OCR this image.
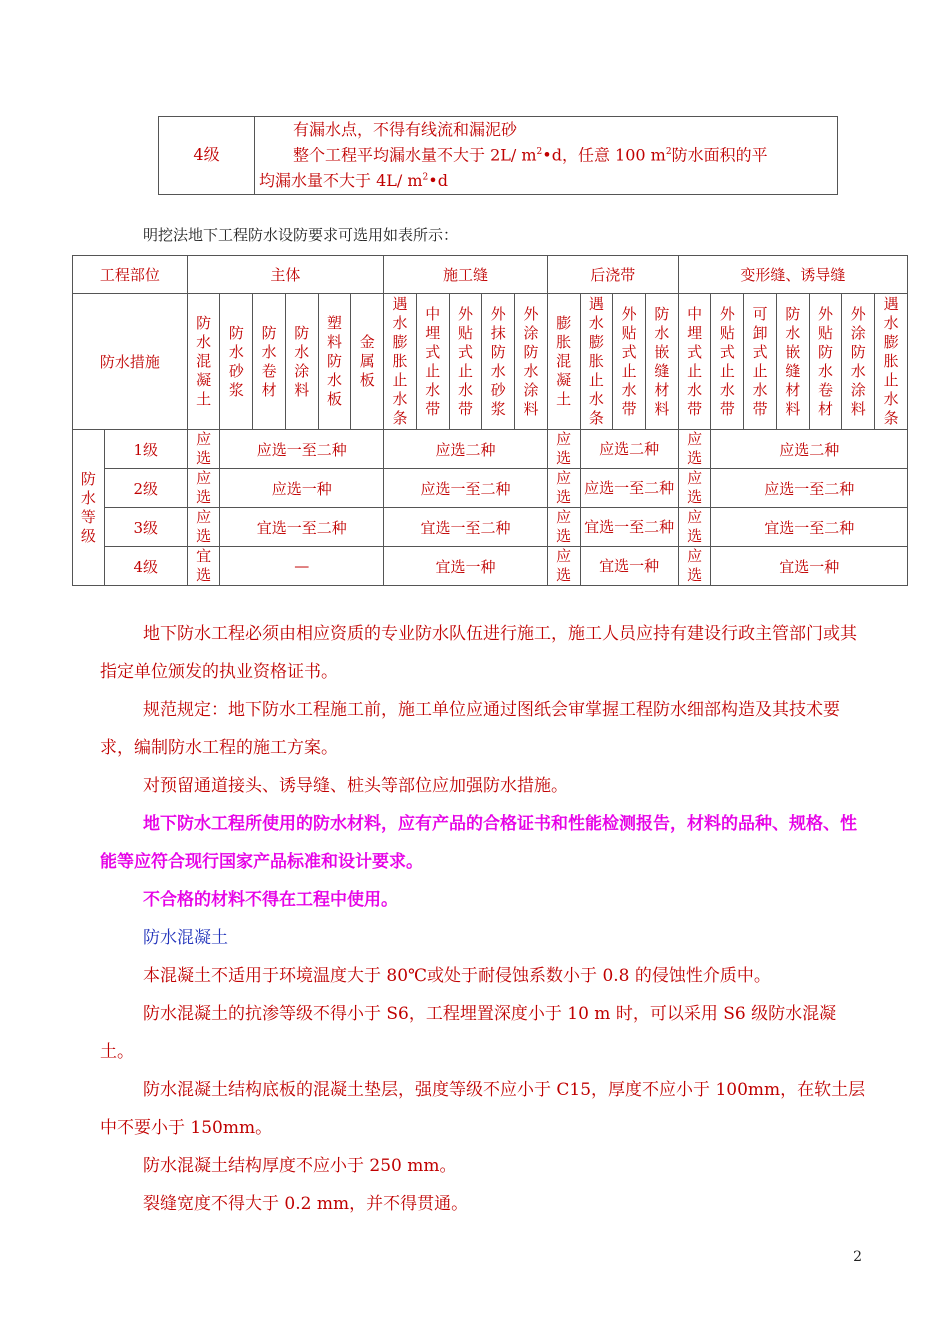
4级	
有漏水点，不得有线流和漏泥砂
整个工程平均漏水量不大于 2L/ $m^2•d$，任意 100 $m^2$防水面积的平
均漏水量不大于 4L/ $m^2•d$
明挖法地下工程防水设防要求可选用如表所示：
工程部位		主体						施工缝					后浇带				变形缝、诱导缝						
防水措施		防水混凝土	防水砂浆	防水卷材	防水涂料	塑料防水板	金属板	遇水膨胀止水条	中埋式止水带	外贴式止水带	外抹防水砂浆	外涂防水涂料	膨胀混凝土	遇水膨胀止水条	外贴式止水带	防水嵌缝材料	中埋式止水带	外贴式止水带	可卸式止水带	防水嵌缝材料	外贴防水卷材	外涂防水涂料	遇水膨胀止水条
防水等级	1级	应选	应选一至二种					应选二种					应选	应选二种			应选	应选二种					
	2级	应选	应选一种					应选一至二种					应选	应选一至二种			应选	应选一至二种					
	3级	应选	宜选一至二种					宜选一至二种					应选	宜选一至二种			应选	宜选一至二种					
	4级	宜选	—					宜选一种					应选	宜选一种			应选	宜选一种					

地下防水工程必须由相应资质的专业防水队伍进行施工，施工人员应持有建设行政主管部门或其指定单位颁发的执业资格证书。

规范规定：地下防水工程施工前，施工单位应通过图纸会审掌握工程防水细部构造及其技术要求，编制防水工程的施工方案。

对预留通道接头、诱导缝、桩头等部位应加强防水措施。

地下防水工程所使用的防水材料，应有产品的合格证书和性能检测报告，材料的品种、规格、性能等应符合现行国家产品标准和设计要求。

不合格的材料不得在工程中使用。

防水混凝土

本混凝土不适用于环境温度大于 80℃或处于耐侵蚀系数小于 0.8 的侵蚀性介质中。

防水混凝土的抗渗等级不得小于 S6，工程埋置深度小于 10 m 时，可以采用 S6 级防水混凝土。

防水混凝土结构底板的混凝土垫层，强度等级不应小于 C15，厚度不应小于 100mm，在软土层中不要小于 150mm。

防水混凝土结构厚度不应小于 250 mm。

裂缝宽度不得大于 0.2 mm，并不得贯通。

2
